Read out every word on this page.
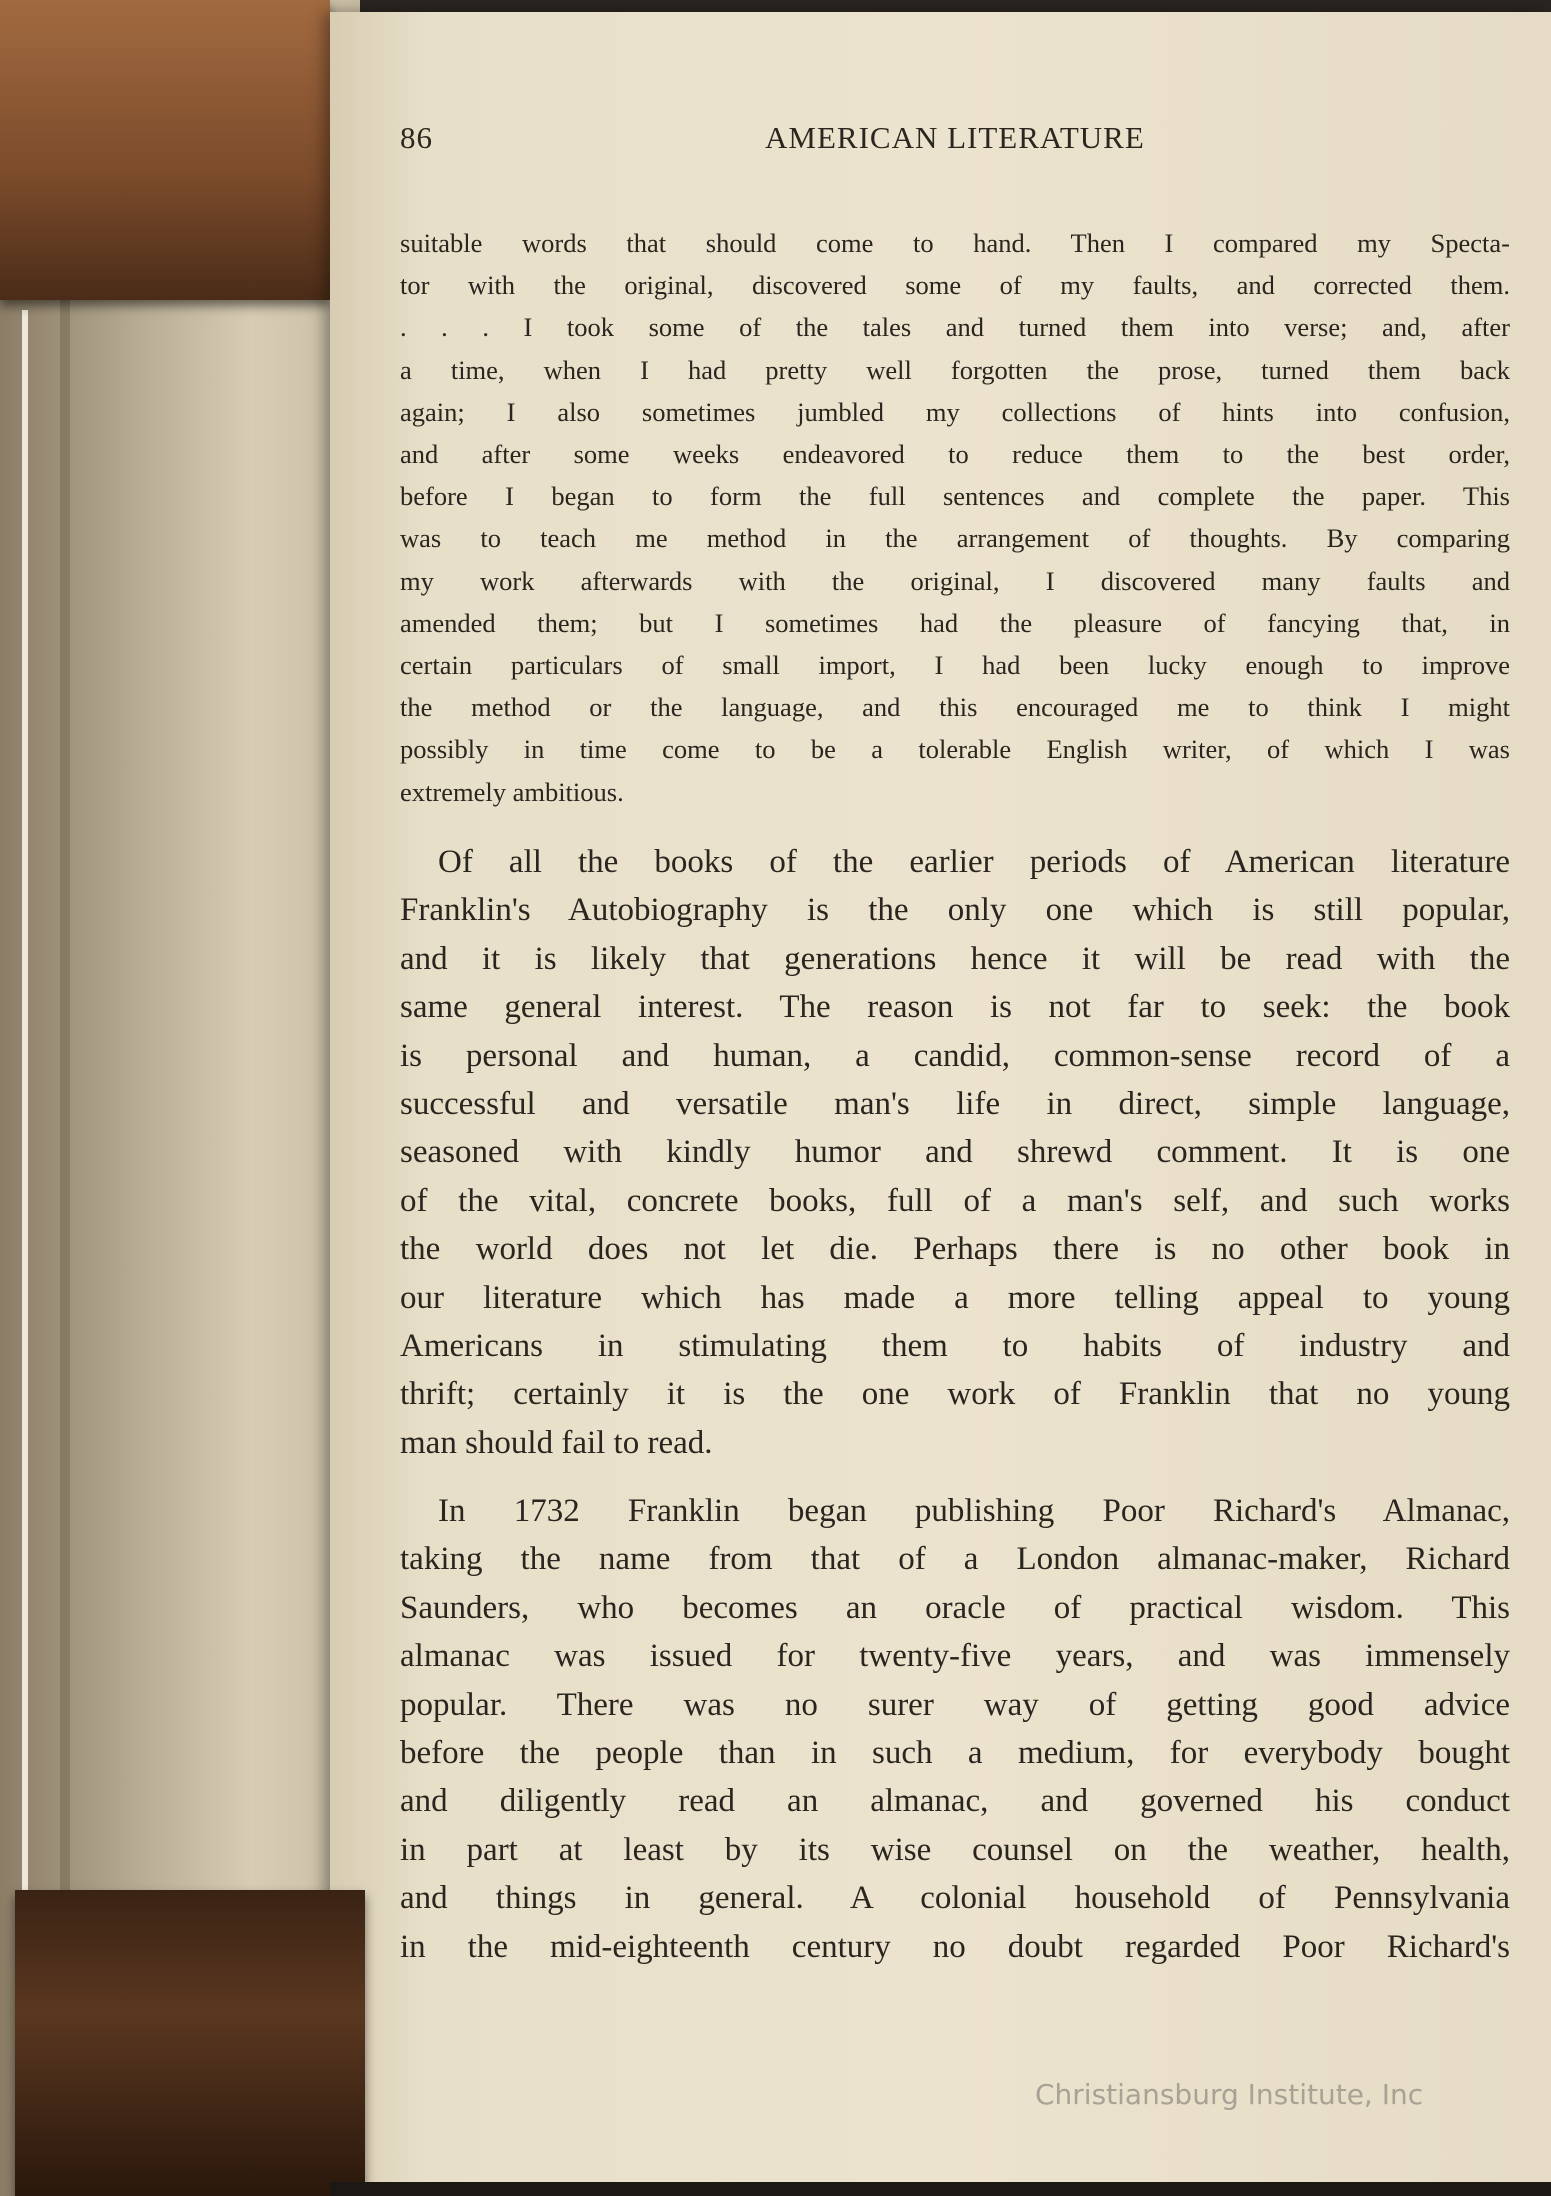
86	AMERICAN LITERATURE
suitable words that should come to hand. Then I compared my Specta-
tor with the original, discovered some of my faults, and corrected them.
. . . I took some of the tales and turned them into verse; and, after
a time, when I had pretty well forgotten the prose, turned them back
again; I also sometimes jumbled my collections of hints into confusion,
and after some weeks endeavored to reduce them to the best order,
before I began to form the full sentences and complete the paper. This
was to teach me method in the arrangement of thoughts. By comparing
my work afterwards with the original, I discovered many faults and
amended them; but I sometimes had the pleasure of fancying that, in
certain particulars of small import, I had been lucky enough to improve
the method or the language, and this encouraged me to think I might
possibly in time come to be a tolerable English writer, of which I was
extremely ambitious.
Of all the books of the earlier periods of American literature
Franklin's Autobiography is the only one which is still popular,
and it is likely that generations hence it will be read with the
same general interest. The reason is not far to seek: the book
is personal and human, a candid, common-sense record of a
successful and versatile man's life in direct, simple language,
seasoned with kindly humor and shrewd comment. It is one
of the vital, concrete books, full of a man's self, and such works
the world does not let die. Perhaps there is no other book in
our literature which has made a more telling appeal to young
Americans in stimulating them to habits of industry and
thrift; certainly it is the one work of Franklin that no young
man should fail to read.
In 1732 Franklin began publishing Poor Richard's Almanac,
taking the name from that of a London almanac-maker, Richard
Saunders, who becomes an oracle of practical wisdom. This
almanac was issued for twenty-five years, and was immensely
popular. There was no surer way of getting good advice
before the people than in such a medium, for everybody bought
and diligently read an almanac, and governed his conduct
in part at least by its wise counsel on the weather, health,
and things in general. A colonial household of Pennsylvania
in the mid-eighteenth century no doubt regarded Poor Richard's
Christiansburg Institute, Inc
